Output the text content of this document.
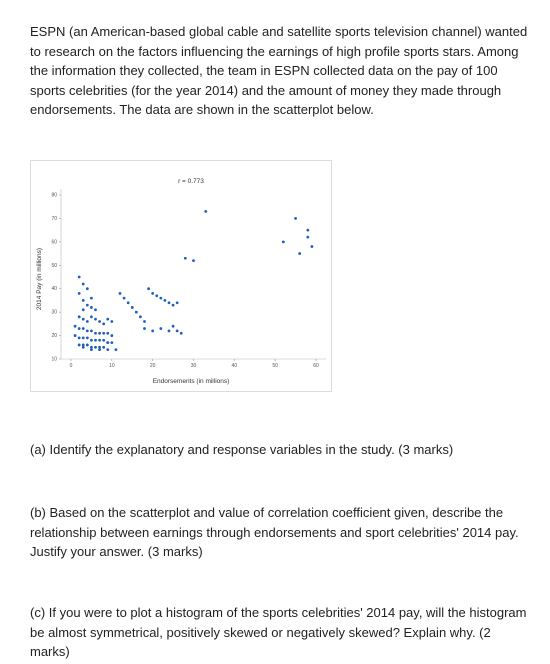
ESPN (an American-based global cable and satellite sports television channel) wanted to research on the factors influencing the earnings of high profile sports stars. Among the information they collected, the team in ESPN collected data on the pay of 100 sports celebrities (for the year 2014) and the amount of money they made through endorsements. The data are shown in the scatterplot below.

r = 0.773
10
20
30
40
50
60
70
80
0	10	20	30	40	50	60
2014 Pay (in millions)
Endorsements (in millions)

(a) Identify the explanatory and response variables in the study. (3 marks)

(b) Based on the scatterplot and value of correlation coefficient given, describe the relationship between earnings through endorsements and sport celebrities' 2014 pay. Justify your answer. (3 marks)

(c) If you were to plot a histogram of the sports celebrities' 2014 pay, will the histogram be almost symmetrical, positively skewed or negatively skewed? Explain why. (2 marks)
